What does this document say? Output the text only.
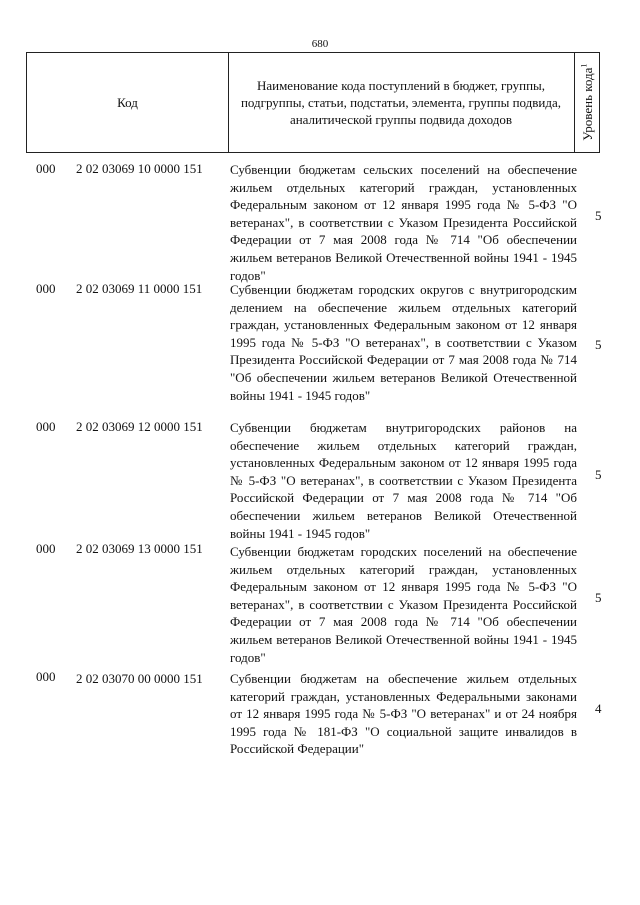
680
Код
Наименование кода поступлений в бюджет, группы, подгруппы, статьи, подстатьи, элемента, группы подвида, аналитической группы подвида доходов	Уровень кода$^1$
000 2 02 03069 10 0000 151 Субвенции бюджетам сельских поселений на обеспечение жильем отдельных категорий граждан, установленных Федеральным законом от 12 января 1995 года № 5-ФЗ "О ветеранах", в соответствии с Указом Президента Российской Федерации от 7 мая 2008 года № 714 "Об обеспечении жильем ветеранов Великой Отечественной войны 1941 - 1945 годов"
5
000 2 02 03069 11 0000 151 Субвенции бюджетам городских округов с внутригородским делением на обеспечение жильем отдельных категорий граждан, установленных Федеральным законом от 12 января 1995 года № 5-ФЗ "О ветеранах", в соответствии с Указом Президента Российской Федерации от 7 мая 2008 года № 714 "Об обеспечении жильем ветеранов Великой Отечественной войны 1941 - 1945 годов"
5
000 2 02 03069 12 0000 151 Субвенции бюджетам внутригородских районов на обеспечение жильем отдельных категорий граждан, установленных Федеральным законом от 12 января 1995 года № 5-ФЗ "О ветеранах", в соответствии с Указом Президента Российской Федерации от 7 мая 2008 года № 714 "Об обеспечении жильем ветеранов Великой Отечественной войны 1941 - 1945 годов"
5
000 2 02 03069 13 0000 151 Субвенции бюджетам городских поселений на обеспечение жильем отдельных категорий граждан, установленных Федеральным законом от 12 января 1995 года № 5-ФЗ "О ветеранах", в соответствии с Указом Президента Российской Федерации от 7 мая 2008 года № 714 "Об обеспечении жильем ветеранов Великой Отечественной войны 1941 - 1945 годов"
5
000 2 02 03070 00 0000 151 Субвенции бюджетам на обеспечение жильем отдельных категорий граждан, установленных Федеральными законами от 12 января 1995 года № 5-ФЗ "О ветеранах" и от 24 ноября 1995 года № 181-ФЗ "О социальной защите инвалидов в Российской Федерации"
4
